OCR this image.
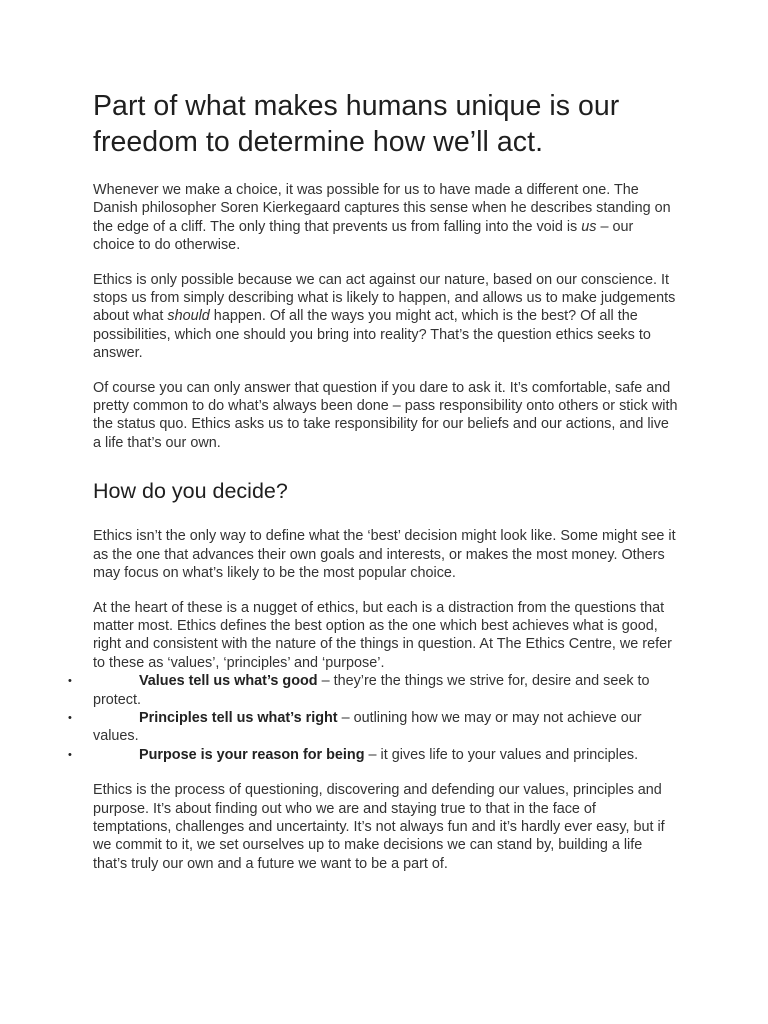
Part of what makes humans unique is our freedom to determine how we’ll act.

Whenever we make a choice, it was possible for us to have made a different one. The Danish philosopher Soren Kierkegaard captures this sense when he describes standing on the edge of a cliff. The only thing that prevents us from falling into the void is us – our choice to do otherwise.

Ethics is only possible because we can act against our nature, based on our conscience. It stops us from simply describing what is likely to happen, and allows us to make judgements about what should happen. Of all the ways you might act, which is the best? Of all the possibilities, which one should you bring into reality? That’s the question ethics seeks to answer.

Of course you can only answer that question if you dare to ask it. It’s comfortable, safe and pretty common to do what’s always been done – pass responsibility onto others or stick with the status quo. Ethics asks us to take responsibility for our beliefs and our actions, and live a life that’s our own.

How do you decide?

Ethics isn’t the only way to define what the ‘best’ decision might look like. Some might see it as the one that advances their own goals and interests, or makes the most money. Others may focus on what’s likely to be the most popular choice.

At the heart of these is a nugget of ethics, but each is a distraction from the questions that matter most. Ethics defines the best option as the one which best achieves what is good, right and consistent with the nature of the things in question. At The Ethics Centre, we refer to these as ‘values’, ‘principles’ and ‘purpose’.

•	Values tell us what’s good – they’re the things we strive for, desire and seek to protect.
•	Principles tell us what’s right – outlining how we may or may not achieve our values.
•	Purpose is your reason for being – it gives life to your values and principles.

Ethics is the process of questioning, discovering and defending our values, principles and purpose. It’s about finding out who we are and staying true to that in the face of temptations, challenges and uncertainty. It’s not always fun and it’s hardly ever easy, but if we commit to it, we set ourselves up to make decisions we can stand by, building a life that’s truly our own and a future we want to be a part of.
